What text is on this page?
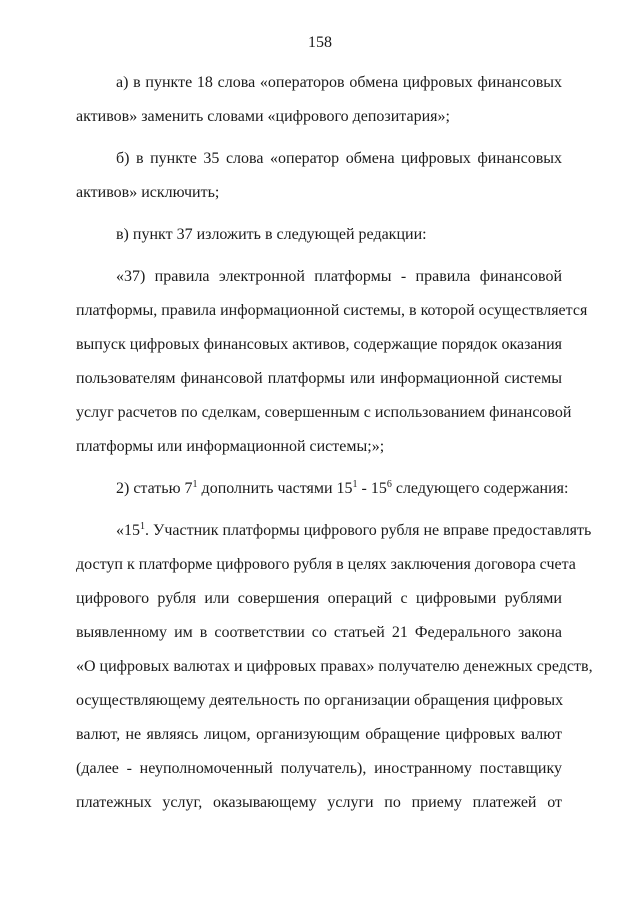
158
а) в пункте 18 слова «операторов обмена цифровых финансовых
активов» заменить словами «цифрового депозитария»;
б) в пункте 35 слова «оператор обмена цифровых финансовых
активов» исключить;
в) пункт 37 изложить в следующей редакции:
«37) правила электронной платформы - правила финансовой
платформы, правила информационной системы, в которой осуществляется
выпуск цифровых финансовых активов, содержащие порядок оказания
пользователям финансовой платформы или информационной системы
услуг расчетов по сделкам, совершенным с использованием финансовой
платформы или информационной системы;»;
2) статью $7^1$ дополнить частями $15^1 - 15^6$ следующего содержания:
«$15^1$. Участник платформы цифрового рубля не вправе предоставлять
доступ к платформе цифрового рубля в целях заключения договора счета
цифрового рубля или совершения операций с цифровыми рублями
выявленному им в соответствии со статьей 21 Федерального закона
«О цифровых валютах и цифровых правах» получателю денежных средств,
осуществляющему деятельность по организации обращения цифровых
валют, не являясь лицом, организующим обращение цифровых валют
(далее - неуполномоченный получатель), иностранному поставщику
платежных услуг, оказывающему услуги по приему платежей от
